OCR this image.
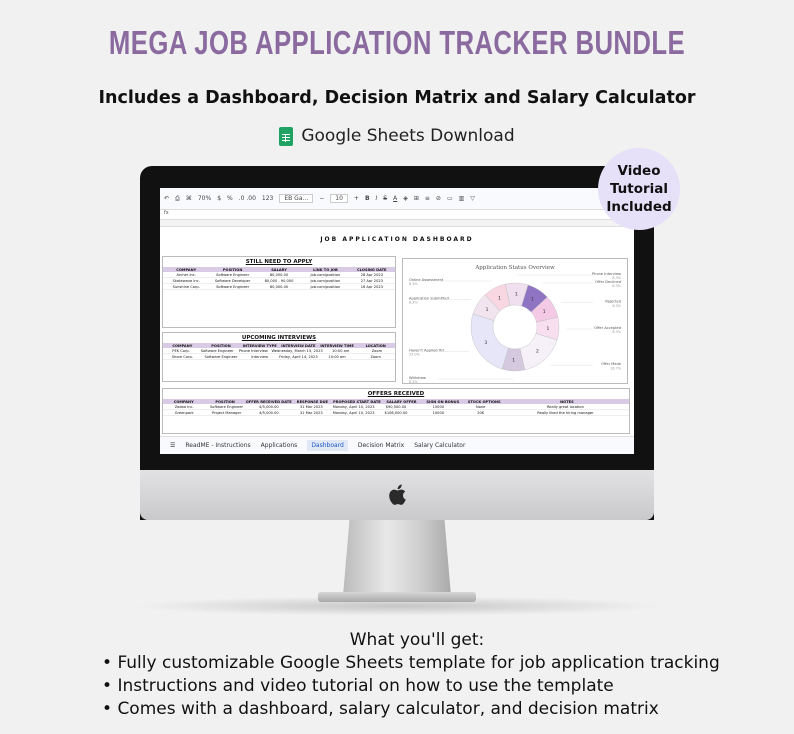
MEGA JOB APPLICATION TRACKER BUNDLE
Includes a Dashboard, Decision Matrix and Salary Calculator
Google Sheets Download
↶ ⎙ ⌘ 70% $ % .0 .00 123	EB Ga...	−	10	+ B I S A ◈ ⊞ ≡ ⊘ ▭ ▥ ▽
fx
JOB APPLICATION DASHBOARD
STILL NEED TO APPLY
COMPANY	POSITION	SALARY	LINK TO JOB	CLOSING DATE
Archer Inc.	Software Engineer	80,000.00	job.com/position	28 Apr 2023
Skatewave Inc.	Software Developer	80,000 - 90,000	job.com/position	27 Apr 2023
Sunshine Corp.	Software Engineer	80,000.00	job.com/position	16 Apr 2023
UPCOMING INTERVIEWS
COMPANY	POSITION	INTERVIEW TYPE	INTERVIEW DATE	INTERVIEW TIME	LOCATION
PEK Corp.	Software Engineer	Phone Interview Wednesday, March 15, 2023	10:00 am	Zoom
Shore Corp.	Software Engineer	Interview	Friday, April 14, 2023	10:00 am	Zoom
Application Status Overview
1
1
1
2
1
3
1
1
1
Offer Declined
8.3%
Rejected
8.3%
Offer Accepted
8.3%
Offer Made
16.7%
Withdrew
8.3%
Haven't Applied Yet
25.0%
Application Submitted
8.3%
Online Assessment
8.3%
Phone Interview
8.3%
OFFERS RECEIVED
COMPANY	POSITION	OFFER RECEIVED DATE	RESPONSE DUE	PROPOSED START DATE	SALARY OFFER	SIGN ON BONUS	STOCK OPTIONS	NOTES
Zooba Inc.	Software Engineer	4/5,000.00	31 Mar 2023	Monday, April 10, 2023	$90,500.00	15000	None	Really great location
Greenpark	Project Manager	4/5,000.00	31 Mar 2023	Monday, April 10, 2023	$108,000.00	10000	20K	Really liked the hiring manager
☰ ReadME - Instructions Applications	Dashboard	Decision Matrix Salary Calculator
Video
Tutorial
Included
What you'll get:
• Fully customizable Google Sheets template for job application tracking
• Instructions and video tutorial on how to use the template
• Comes with a dashboard, salary calculator, and decision matrix
